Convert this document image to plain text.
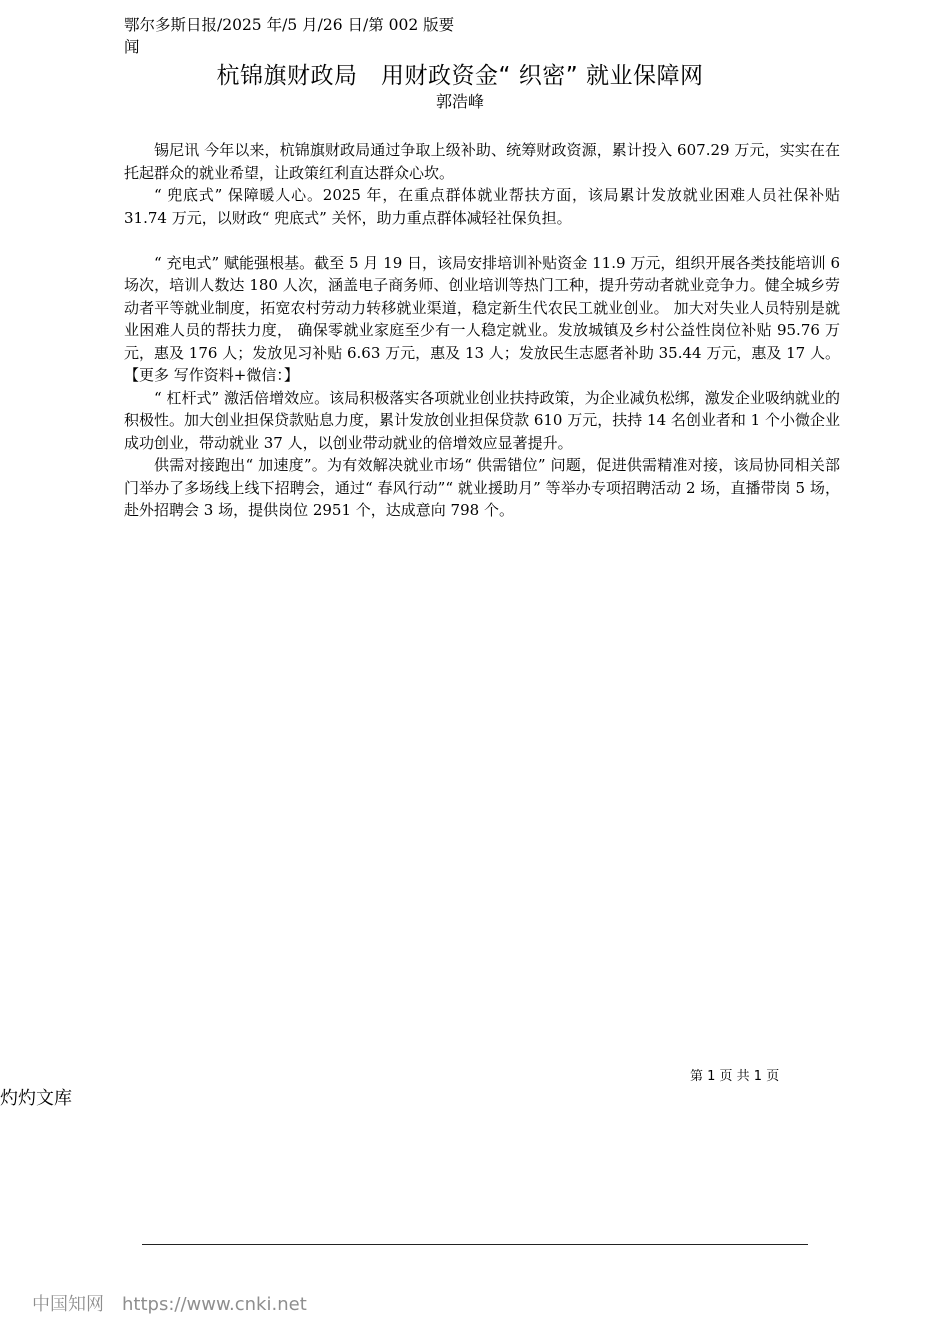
鄂尔多斯日报/2025 年/5 月/26 日/第 002 版要闻
杭锦旗财政局　用财政资金“ 织密” 就业保障网
郭浩峰

锡尼讯 今年以来，杭锦旗财政局通过争取上级补助、统筹财政资源，累计投入 607.29 万元，实实在在托起群众的就业希望，让政策红利直达群众心坎。

“ 兜底式” 保障暖人心。2025 年，在重点群体就业帮扶方面，该局累计发放就业困难人员社保补贴 31.74 万元，以财政“ 兜底式” 关怀，助力重点群体减轻社保负担。

“ 充电式” 赋能强根基。截至 5 月 19 日，该局安排培训补贴资金 11.9 万元，组织开展各类技能培训 6 场次，培训人数达 180 人次，涵盖电子商务师、创业培训等热门工种，提升劳动者就业竞争力。健全城乡劳动者平等就业制度，拓宽农村劳动力转移就业渠道，稳定新生代农民工就业创业。 加大对失业人员特别是就业困难人员的帮扶力度， 确保零就业家庭至少有一人稳定就业。发放城镇及乡村公益性岗位补贴 95.76 万元，惠及 176 人；发放见习补贴 6.63 万元，惠及 13 人；发放民生志愿者补助 35.44 万元，惠及 17 人。【更多 写作资料+微信：】

“ 杠杆式” 激活倍增效应。该局积极落实各项就业创业扶持政策，为企业减负松绑，激发企业吸纳就业的积极性。加大创业担保贷款贴息力度，累计发放创业担保贷款 610 万元，扶持 14 名创业者和 1 个小微企业成功创业，带动就业 37 人，以创业带动就业的倍增效应显著提升。

供需对接跑出“ 加速度”。为有效解决就业市场“ 供需错位” 问题，促进供需精准对接，该局协同相关部门举办了多场线上线下招聘会，通过“ 春风行动”“ 就业援助月” 等举办专项招聘活动 2 场，直播带岗 5 场，赴外招聘会 3 场，提供岗位 2951 个，达成意向 798 个。

第 1 页 共 1 页
灼灼文库
中国知网 https://www.cnki.net
